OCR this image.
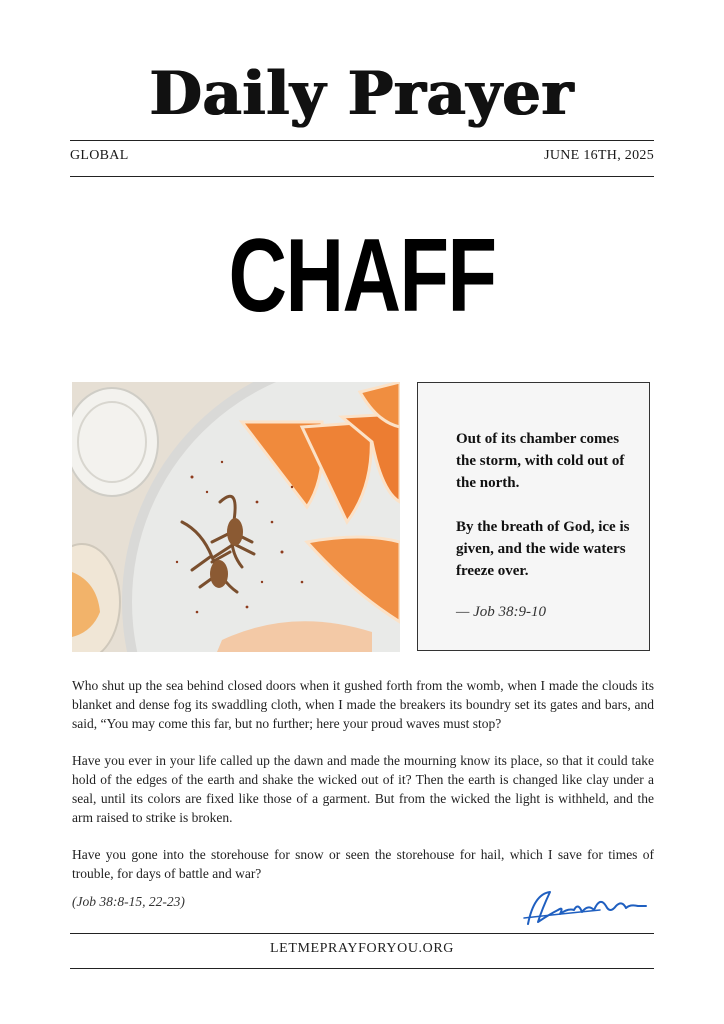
Daily Prayer
GLOBAL	JUNE 16TH, 2025
CHAFF

Out of its chamber comes the storm, with cold out of the north.

By the breath of God, ice is given, and the wide waters freeze over.

— Job 38:9-10

Who shut up the sea behind closed doors when it gushed forth from the womb, when I made the clouds its blanket and dense fog its swaddling cloth, when I made the breakers its boundry set its gates and bars, and said, “You may come this far, but no further; here your proud waves must stop?

Have you ever in your life called up the dawn and made the mourning know its place, so that it could take hold of the edges of the earth and shake the wicked out of it? Then the earth is changed like clay under a seal, until its colors are fixed like those of a garment. But from the wicked the light is withheld, and the arm raised to strike is broken.

Have you gone into the storehouse for snow or seen the storehouse for hail, which I save for times of trouble, for days of battle and war?

(Job 38:8-15, 22-23)
LETMEPRAYFORYOU.ORG
